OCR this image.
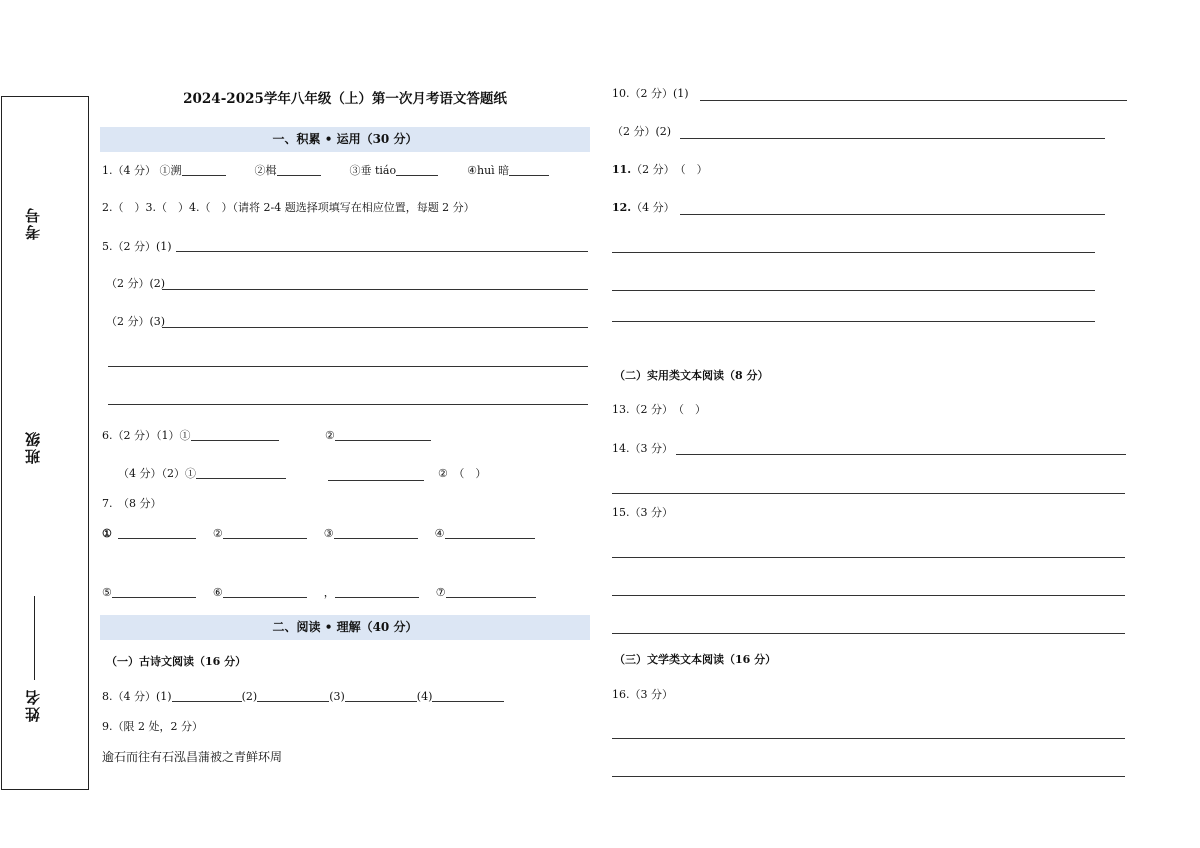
考号
班级
姓名
2024-2025学年八年级（上）第一次月考语文答题纸
一、积累 • 运用（30 分）
1.（4 分） ①溯	②楫	③垂 tiáo	④huì 暗
2.（　）3.（　）4.（　）（请将 2-4 题选择项填写在相应位置，每题 2 分）
5.（2 分）(1)
（2 分）(2)
（2 分）(3)
6.（2 分）（1）①	②
（4 分）（2）①	②　（　）
7.　（8 分）
①	②	③	④
⑤	⑥	，	⑦
二、阅读 • 理解（40 分）
（一）古诗文阅读（16 分）
8.（4 分）(1)	(2)	(3)	(4)
9.（限 2 处，2 分）
逾石而往有石泓昌蒲被之青鲜环周
10.（2 分）(1)
（2 分）(2)
11.（2 分）　（　）
12.（4 分）
（二）实用类文本阅读（8 分）
13.（2 分）　（　）
14.（3 分）
15.（3 分）
（三）文学类文本阅读（16 分）
16.（3 分）
